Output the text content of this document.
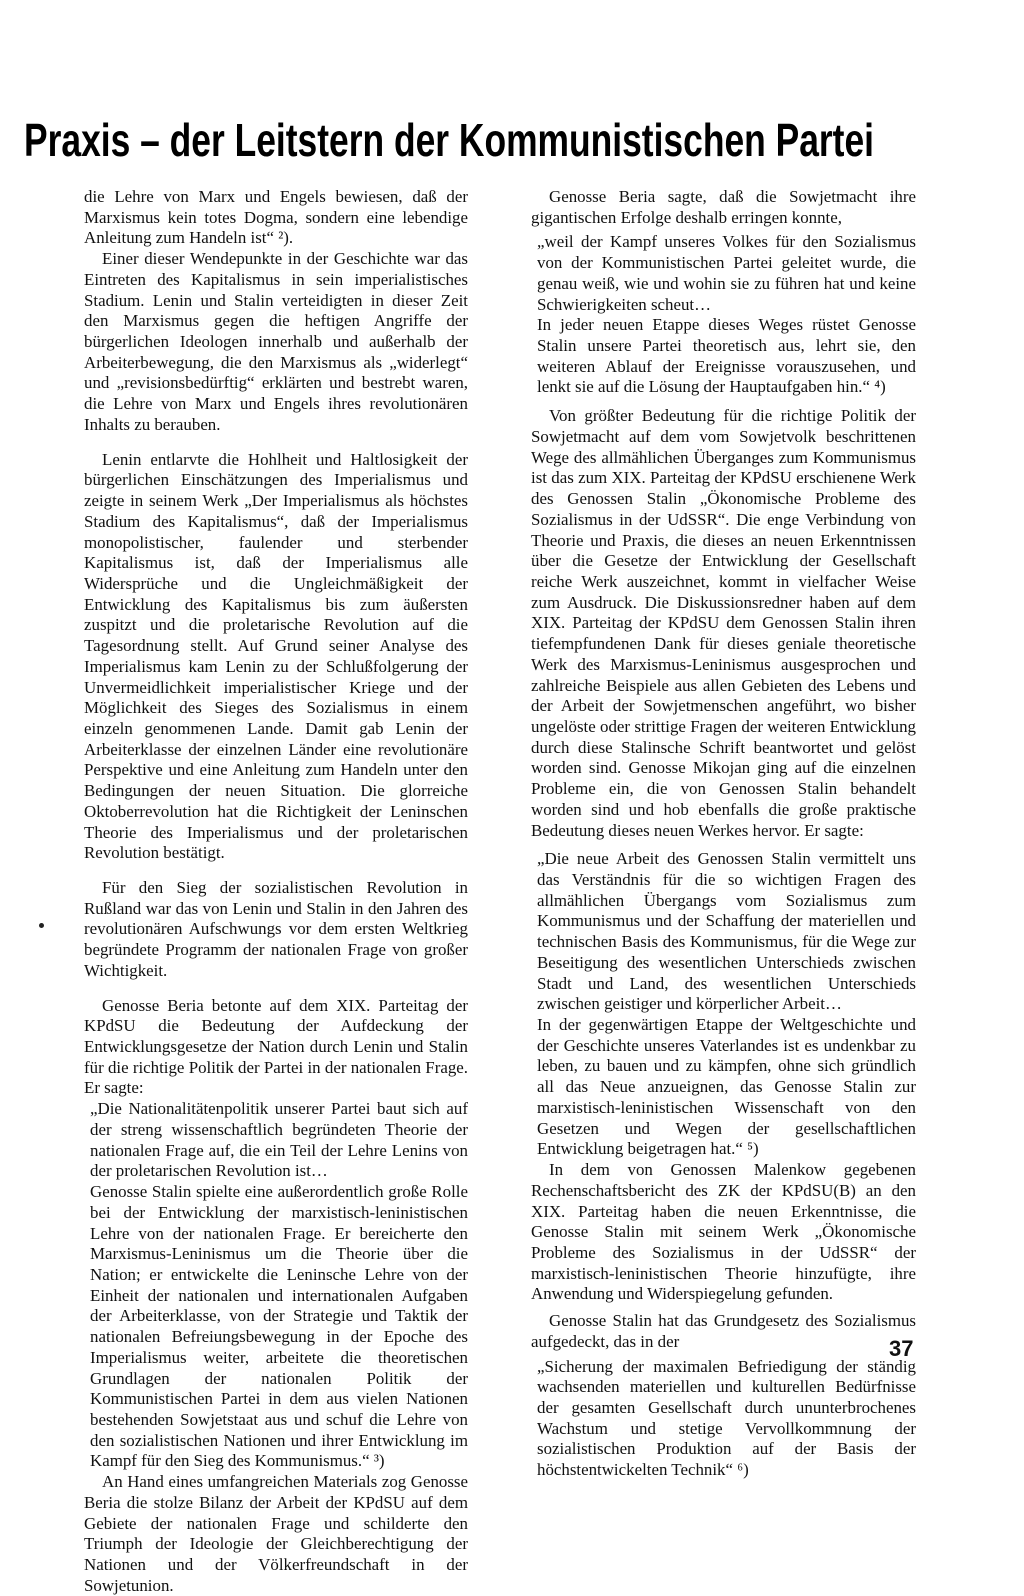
Praxis – der Leitstern der Kommunistischen Partei

die Lehre von Marx und Engels bewiesen, daß der Marxismus kein totes Dogma, sondern eine lebendige Anleitung zum Handeln ist“ ²).

Einer dieser Wendepunkte in der Geschichte war das Eintreten des Kapitalismus in sein imperialistisches Stadium. Lenin und Stalin verteidigten in dieser Zeit den Marxismus gegen die heftigen Angriffe der bürgerlichen Ideologen innerhalb und außerhalb der Arbeiterbewegung, die den Marxismus als „widerlegt“ und „revisionsbedürftig“ erklärten und bestrebt waren, die Lehre von Marx und Engels ihres revolutionären Inhalts zu berauben.

Lenin entlarvte die Hohlheit und Haltlosigkeit der bürgerlichen Einschätzungen des Imperialismus und zeigte in seinem Werk „Der Imperialismus als höchstes Stadium des Kapitalismus“, daß der Imperialismus monopolistischer, faulender und sterbender Kapitalismus ist, daß der Imperialismus alle Widersprüche und die Ungleichmäßigkeit der Entwicklung des Kapitalismus bis zum äußersten zuspitzt und die proletarische Revolution auf die Tagesordnung stellt. Auf Grund seiner Analyse des Imperialismus kam Lenin zu der Schlußfolgerung der Unvermeidlichkeit imperialistischer Kriege und der Möglichkeit des Sieges des Sozialismus in einem einzeln genommenen Lande. Damit gab Lenin der Arbeiterklasse der einzelnen Länder eine revolutionäre Perspektive und eine Anleitung zum Handeln unter den Bedingungen der neuen Situation. Die glorreiche Oktoberrevolution hat die Richtigkeit der Leninschen Theorie des Imperialismus und der proletarischen Revolution bestätigt.

Für den Sieg der sozialistischen Revolution in Rußland war das von Lenin und Stalin in den Jahren des revolutionären Aufschwungs vor dem ersten Weltkrieg begründete Programm der nationalen Frage von großer Wichtigkeit.

Genosse Beria betonte auf dem XIX. Parteitag der KPdSU die Bedeutung der Aufdeckung der Entwicklungsgesetze der Nation durch Lenin und Stalin für die richtige Politik der Partei in der nationalen Frage. Er sagte:

„Die Nationalitätenpolitik unserer Partei baut sich auf der streng wissenschaftlich begründeten Theorie der nationalen Frage auf, die ein Teil der Lehre Lenins von der proletarischen Revolution ist…

Genosse Stalin spielte eine außerordentlich große Rolle bei der Entwicklung der marxistisch-leninistischen Lehre von der nationalen Frage. Er bereicherte den Marxismus-Leninismus um die Theorie über die Nation; er entwickelte die Leninsche Lehre von der Einheit der nationalen und internationalen Aufgaben der Arbeiterklasse, von der Strategie und Taktik der nationalen Befreiungsbewegung in der Epoche des Imperialismus weiter, arbeitete die theoretischen Grundlagen der nationalen Politik der Kommunistischen Partei in dem aus vielen Nationen bestehenden Sowjetstaat aus und schuf die Lehre von den sozialistischen Nationen und ihrer Entwicklung im Kampf für den Sieg des Kommunismus.“ ³)

An Hand eines umfangreichen Materials zog Genosse Beria die stolze Bilanz der Arbeit der KPdSU auf dem Gebiete der nationalen Frage und schilderte den Triumph der Ideologie der Gleichberechtigung der Nationen und der Völkerfreundschaft in der Sowjetunion.

Genosse Beria sagte, daß die Sowjetmacht ihre gigantischen Erfolge deshalb erringen konnte,

„weil der Kampf unseres Volkes für den Sozialismus von der Kommunistischen Partei geleitet wurde, die genau weiß, wie und wohin sie zu führen hat und keine Schwierigkeiten scheut…

In jeder neuen Etappe dieses Weges rüstet Genosse Stalin unsere Partei theoretisch aus, lehrt sie, den weiteren Ablauf der Ereignisse vorauszusehen, und lenkt sie auf die Lösung der Hauptaufgaben hin.“ ⁴)

Von größter Bedeutung für die richtige Politik der Sowjetmacht auf dem vom Sowjetvolk beschrittenen Wege des allmählichen Überganges zum Kommunismus ist das zum XIX. Parteitag der KPdSU erschienene Werk des Genossen Stalin „Ökonomische Probleme des Sozialismus in der UdSSR“. Die enge Verbindung von Theorie und Praxis, die dieses an neuen Erkenntnissen über die Gesetze der Entwicklung der Gesellschaft reiche Werk auszeichnet, kommt in vielfacher Weise zum Ausdruck. Die Diskussionsredner haben auf dem XIX. Parteitag der KPdSU dem Genossen Stalin ihren tiefempfundenen Dank für dieses geniale theoretische Werk des Marxismus-Leninismus ausgesprochen und zahlreiche Beispiele aus allen Gebieten des Lebens und der Arbeit der Sowjetmenschen angeführt, wo bisher ungelöste oder strittige Fragen der weiteren Entwicklung durch diese Stalinsche Schrift beantwortet und gelöst worden sind. Genosse Mikojan ging auf die einzelnen Probleme ein, die von Genossen Stalin behandelt worden sind und hob ebenfalls die große praktische Bedeutung dieses neuen Werkes hervor. Er sagte:

„Die neue Arbeit des Genossen Stalin vermittelt uns das Verständnis für die so wichtigen Fragen des allmählichen Übergangs vom Sozialismus zum Kommunismus und der Schaffung der materiellen und technischen Basis des Kommunismus, für die Wege zur Beseitigung des wesentlichen Unterschieds zwischen Stadt und Land, des wesentlichen Unterschieds zwischen geistiger und körperlicher Arbeit…

In der gegenwärtigen Etappe der Weltgeschichte und der Geschichte unseres Vaterlandes ist es undenkbar zu leben, zu bauen und zu kämpfen, ohne sich gründlich all das Neue anzueignen, das Genosse Stalin zur marxistisch-leninistischen Wissenschaft von den Gesetzen und Wegen der gesellschaftlichen Entwicklung beigetragen hat.“ ⁵)

In dem von Genossen Malenkow gegebenen Rechenschaftsbericht des ZK der KPdSU(B) an den XIX. Parteitag haben die neuen Erkenntnisse, die Genosse Stalin mit seinem Werk „Ökonomische Probleme des Sozialismus in der UdSSR“ der marxistisch-leninistischen Theorie hinzufügte, ihre Anwendung und Widerspiegelung gefunden.

Genosse Stalin hat das Grundgesetz des Sozialismus aufgedeckt, das in der

„Sicherung der maximalen Befriedigung der ständig wachsenden materiellen und kulturellen Bedürfnisse der gesamten Gesellschaft durch ununterbrochenes Wachstum und stetige Vervollkommnung der sozialistischen Produktion auf der Basis der höchstentwickelten Technik“ ⁶)

37
